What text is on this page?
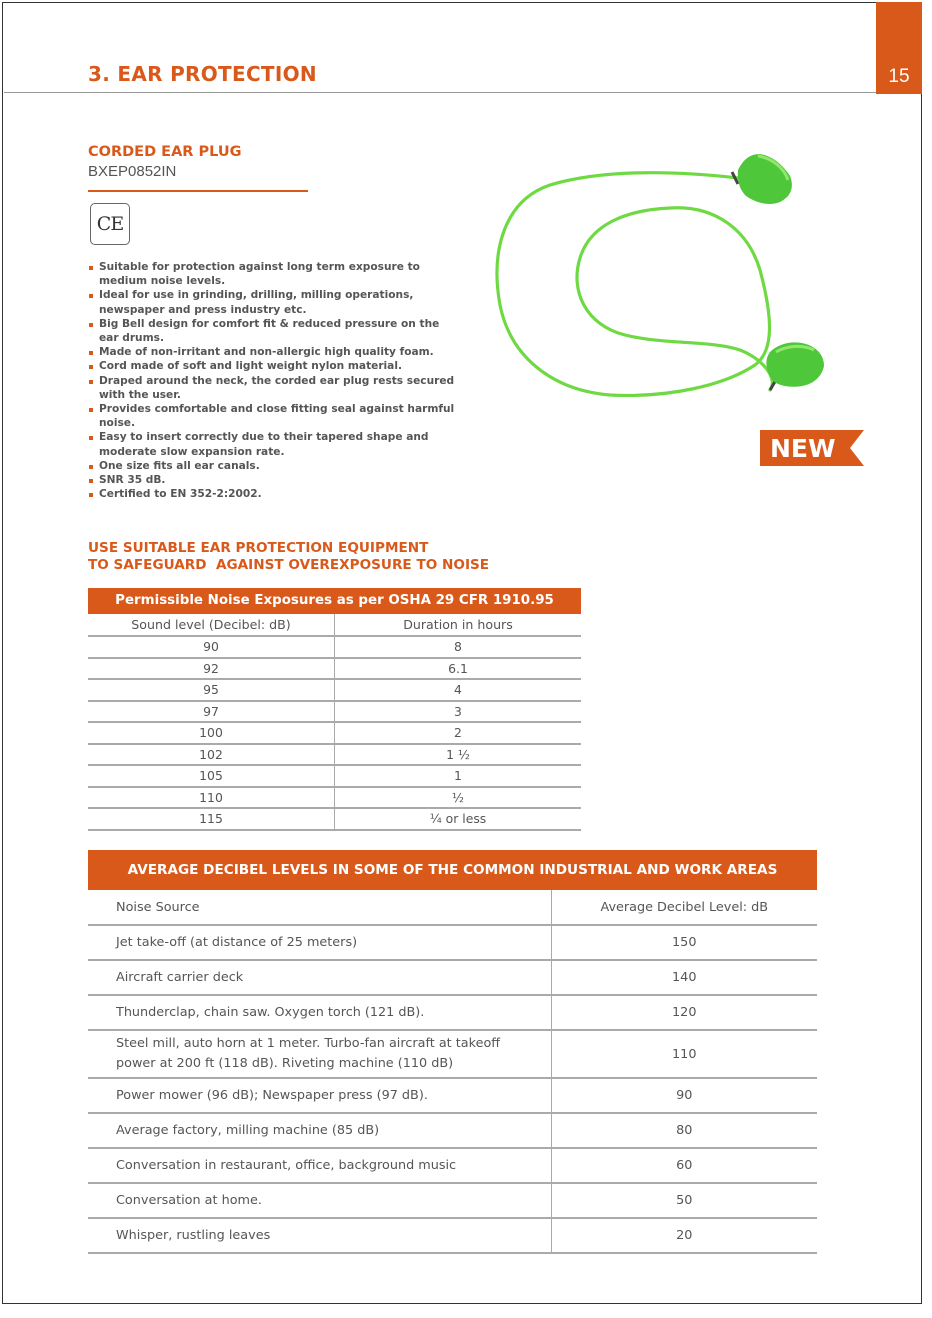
15
3. EAR PROTECTION
CORDED EAR PLUG
BXEP0852IN
CE
Suitable for protection against long term exposure to medium noise levels.
Ideal for use in grinding, drilling, milling operations, newspaper and press industry etc.
Big Bell design for comfort fit & reduced pressure on the ear drums.
Made of non-irritant and non-allergic high quality foam.
Cord made of soft and light weight nylon material.
Draped around the neck, the corded ear plug rests secured with the user.
Provides comfortable and close fitting seal against harmful noise.
Easy to insert correctly due to their tapered shape and moderate slow expansion rate.
One size fits all ear canals.
SNR 35 dB.
Certified to EN 352-2:2002.
NEW
USE SUITABLE EAR PROTECTION EQUIPMENT
TO SAFEGUARD  AGAINST OVEREXPOSURE TO NOISE
Permissible Noise Exposures as per OSHA 29 CFR 1910.95
Sound level (Decibel: dB)	Duration in hours
90	8
92	6.1
95	4
97	3
100	2
102	1 ½
105	1
110	½
115	¼ or less
AVERAGE DECIBEL LEVELS IN SOME OF THE COMMON INDUSTRIAL AND WORK AREAS
Noise Source	Average Decibel Level: dB
Jet take-off (at distance of 25 meters)	150
Aircraft carrier deck	140
Thunderclap, chain saw. Oxygen torch (121 dB).	120
Steel mill, auto horn at 1 meter. Turbo-fan aircraft at takeoff power at 200 ft (118 dB). Riveting machine (110 dB)	110
Power mower (96 dB); Newspaper press (97 dB).	90
Average factory, milling machine (85 dB)	80
Conversation in restaurant, office, background music	60
Conversation at home.	50
Whisper, rustling leaves	20
